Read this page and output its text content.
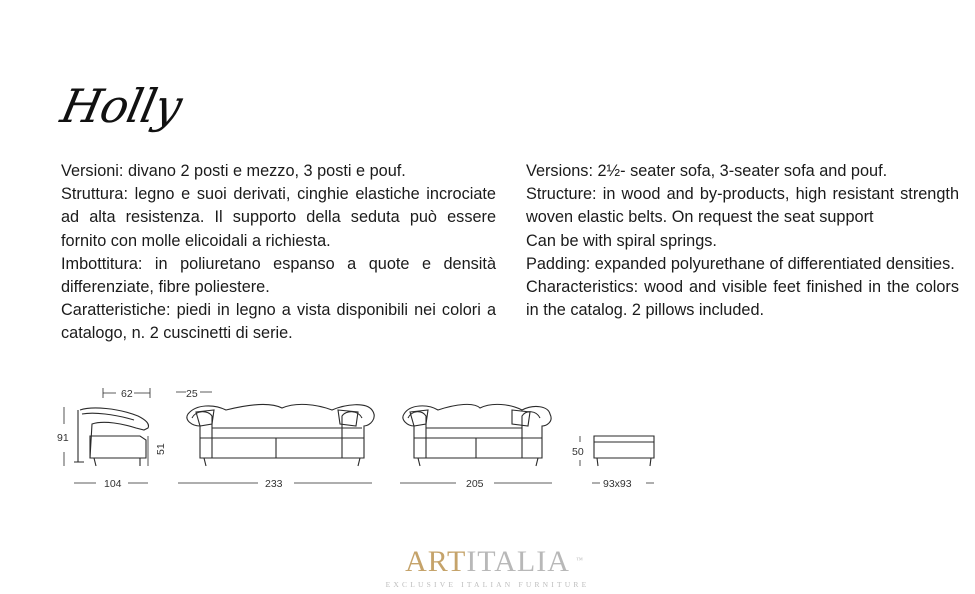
Holly

Versioni: divano 2 posti e mezzo, 3 posti e pouf.

Struttura: legno e suoi derivati, cinghie elastiche incrociate ad alta resistenza. Il supporto della seduta può essere fornito con molle elicoidali a richiesta.

Imbottitura: in poliuretano espanso a quote e densità differenziate, fibre poliestere.

Caratteristiche: piedi in legno a vista disponibili nei colori a catalogo, n. 2 cuscinetti di serie.

Versions: 2½- seater sofa, 3-seater sofa and pouf.

Structure: in wood and by-products, high resistant strength woven elastic belts. On request the seat support

Can be with spiral springs.

Padding: expanded polyurethane of differentiated densities.

Characteristics: wood and visible feet finished in the colors in the catalog. 2 pillows included.

62	25
91
51
104	233	205
50
93x93
ARTITALIA ™
EXCLUSIVE ITALIAN FURNITURE
